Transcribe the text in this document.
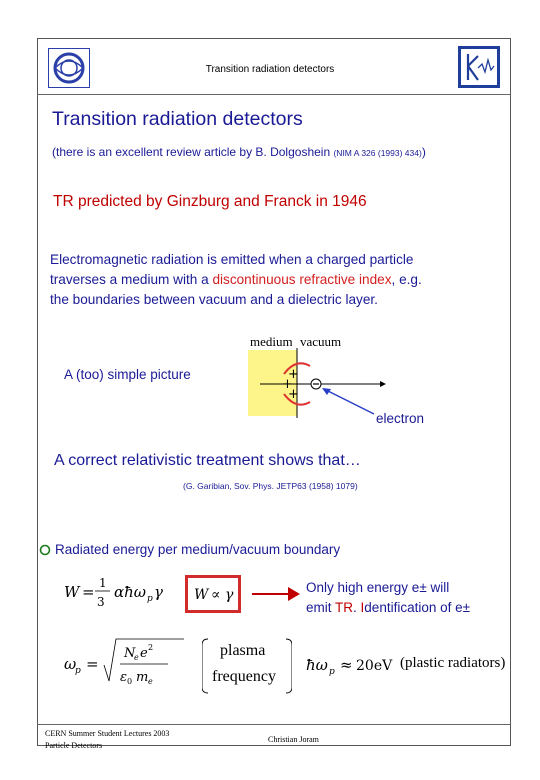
Transition radiation detectors
Transition radiation detectors
(there is an excellent review article by B. Dolgoshein (NIM A 326 (1993) 434))
TR predicted by Ginzburg and Franck in 1946
Electromagnetic radiation is emitted when a charged particle
traverses a medium with a discontinuous refractive index, e.g.
the boundaries between vacuum and a dielectric layer.
medium vacuum
A (too) simple picture	+
+
+
electron
A correct relativistic treatment shows that…
(G. Garibian, Sov. Phys. JETP63 (1958) 1079)
Radiated energy per medium/vacuum boundary
W = 1
3
αħω p γ W ∝ γ	Only high energy e± will
emit TR. Identification of e±
ω
p =
N
e e 2
ε 0 m e
plasma
frequency
ħω p ≈ 20eV (plastic radiators)
CERN Summer Student Lectures 2003
Particle Detectors
Christian Joram
